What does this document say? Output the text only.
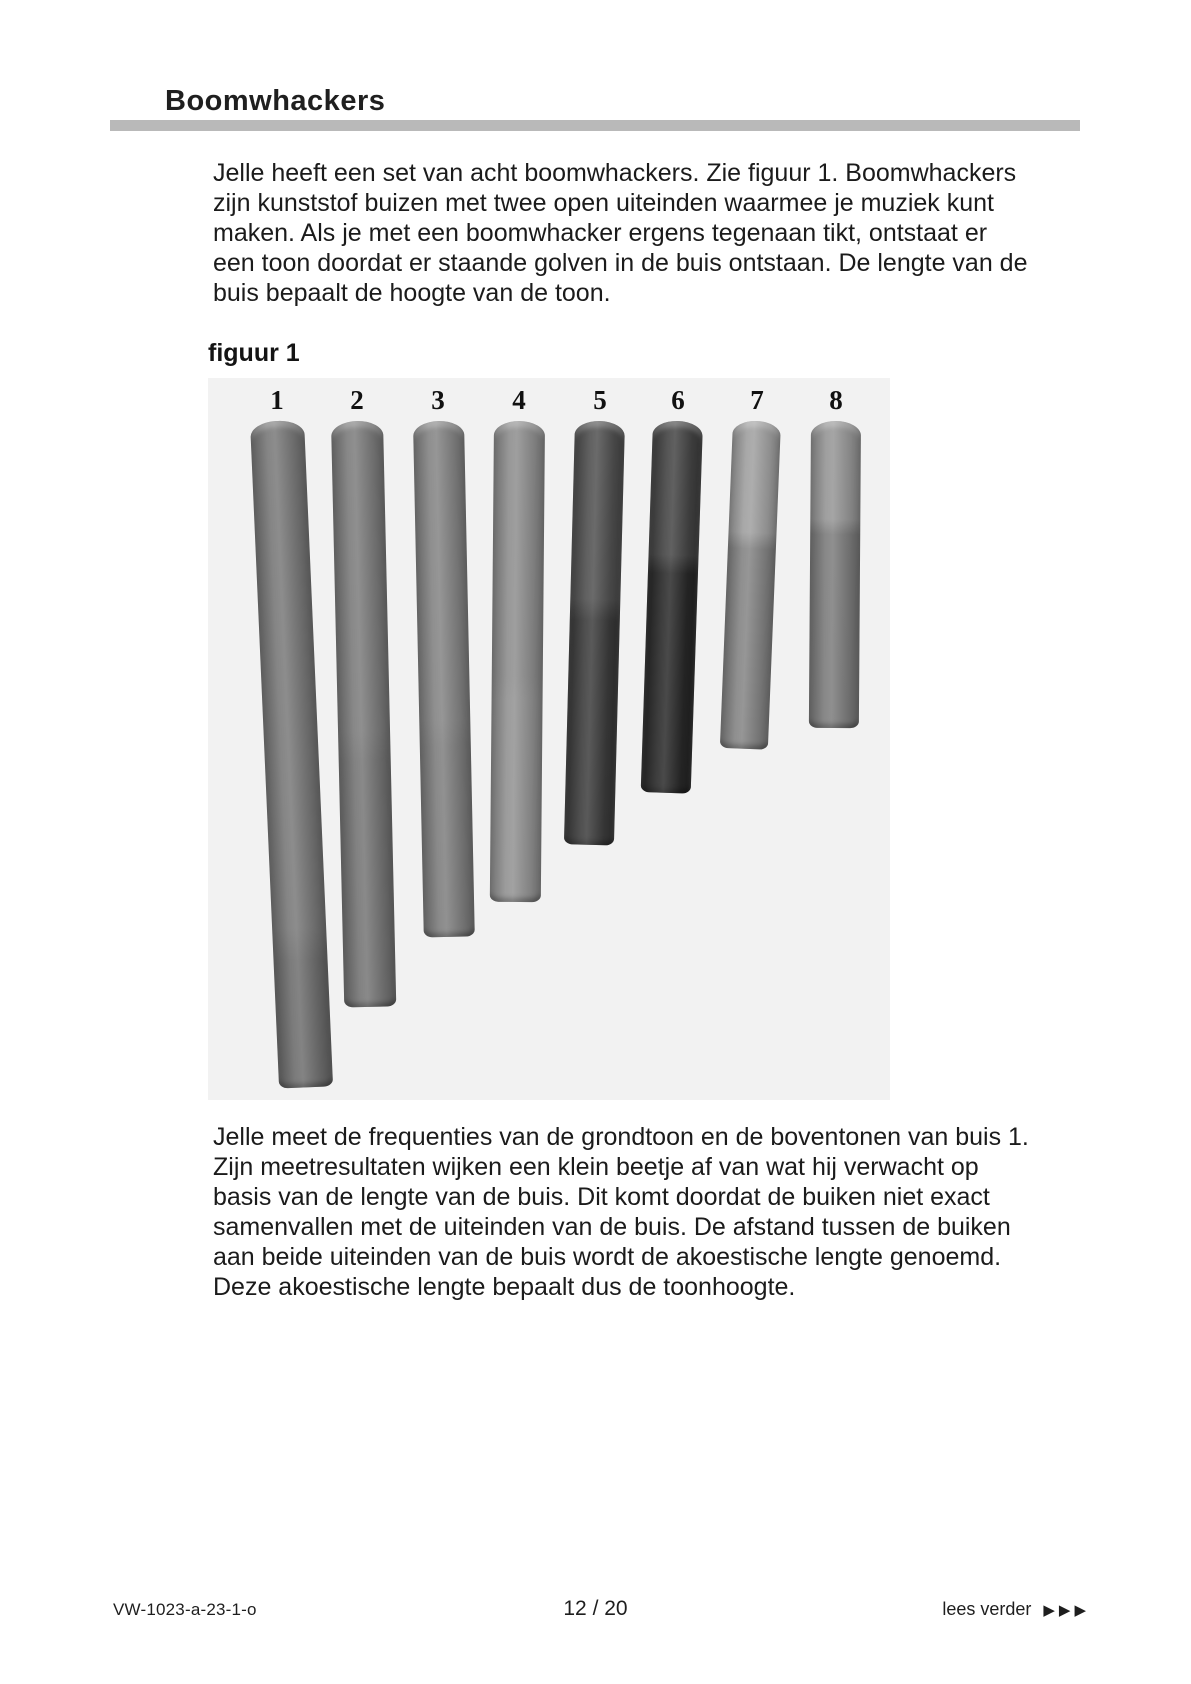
Boomwhackers
Jelle heeft een set van acht boomwhackers. Zie figuur 1. Boomwhackers
zijn kunststof buizen met twee open uiteinden waarmee je muziek kunt
maken. Als je met een boomwhacker ergens tegenaan tikt, ontstaat er
een toon doordat er staande golven in de buis ontstaan. De lengte van de
buis bepaalt de hoogte van de toon.
figuur 1
1	2	3	4	5	6	7	8
Jelle meet de frequenties van de grondtoon en de boventonen van buis 1.
Zijn meetresultaten wijken een klein beetje af van wat hij verwacht op
basis van de lengte van de buis. Dit komt doordat de buiken niet exact
samenvallen met de uiteinden van de buis. De afstand tussen de buiken
aan beide uiteinden van de buis wordt de akoestische lengte genoemd.
Deze akoestische lengte bepaalt dus de toonhoogte.
VW-1023-a-23-1-o	12 / 20	lees verder ▶▶▶
